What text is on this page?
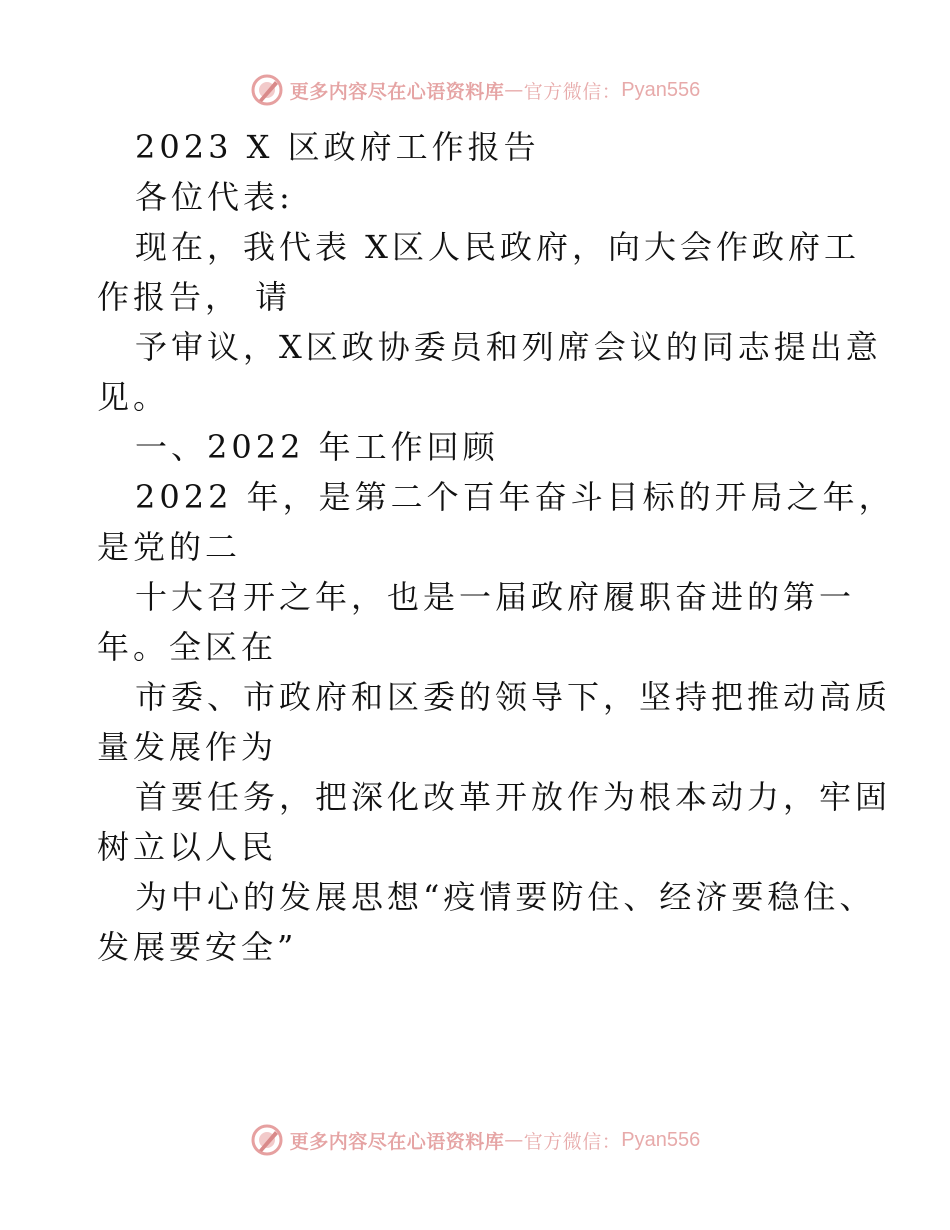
更多内容尽在心语资料库 — 官方微信： Pyan556
2023 X 区政府工作报告
各位代表:
现在，我代表 X区人民政府，向大会作政府工
作报告， 请
予审议，X区政协委员和列席会议的同志提出意
见。
一、2022 年工作回顾
2022 年，是第二个百年奋斗目标的开局之年，
是党的二
十大召开之年，也是一届政府履职奋进的第一
年。全区在
市委、市政府和区委的领导下，坚持把推动高质
量发展作为
首要任务，把深化改革开放作为根本动力，牢固
树立以人民
为中心的发展思想“疫情要防住、经济要稳住、
发展要安全”
更多内容尽在心语资料库 — 官方微信： Pyan556
